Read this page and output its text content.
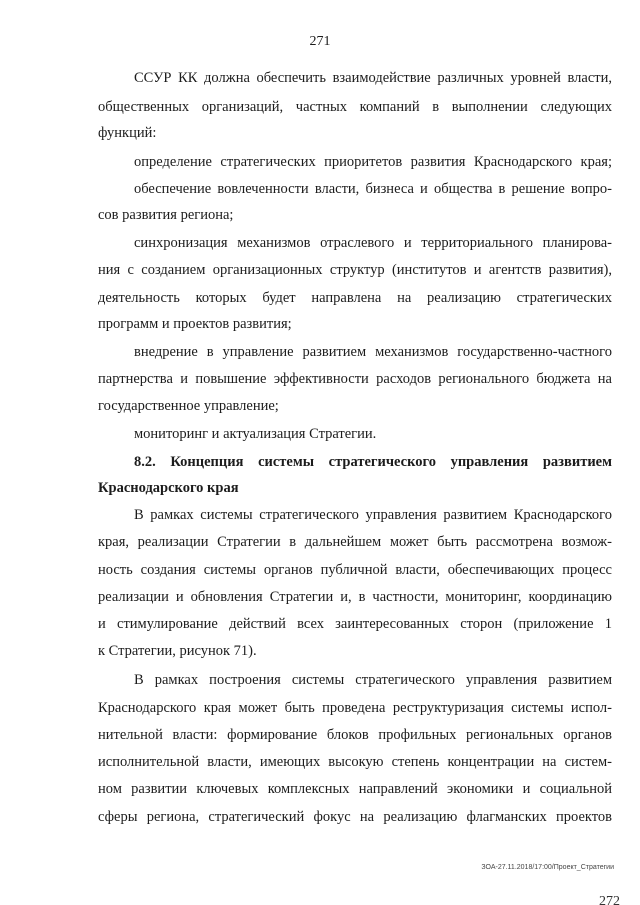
271
ССУР КК должна обеспечить взаимодействие различных уровней власти,
общественных организаций, частных компаний в выполнении следующих
функций:
определение стратегических приоритетов развития Краснодарского края;
обеспечение вовлеченности власти, бизнеса и общества в решение вопро-
сов развития региона;
синхронизация механизмов отраслевого и территориального планирова-
ния с созданием организационных структур (институтов и агентств развития),
деятельность которых будет направлена на реализацию стратегических
программ и проектов развития;
внедрение в управление развитием механизмов государственно-частного
партнерства и повышение эффективности расходов регионального бюджета на
государственное управление;
мониторинг и актуализация Стратегии.
8.2. Концепция системы стратегического управления развитием
Краснодарского края
В рамках системы стратегического управления развитием Краснодарского
края, реализации Стратегии в дальнейшем может быть рассмотрена возмож-
ность создания системы органов публичной власти, обеспечивающих процесс
реализации и обновления Стратегии и, в частности, мониторинг, координацию
и стимулирование действий всех заинтересованных сторон (приложение 1
к Стратегии, рисунок 71).
В рамках построения системы стратегического управления развитием
Краснодарского края может быть проведена реструктуризация системы испол-
нительной власти: формирование блоков профильных региональных органов
исполнительной власти, имеющих высокую степень концентрации на систем-
ном развитии ключевых комплексных направлений экономики и социальной
сферы региона, стратегический фокус на реализацию флагманских проектов
ЗОА-27.11.2018/17:00/Проект_Стратегии
272
